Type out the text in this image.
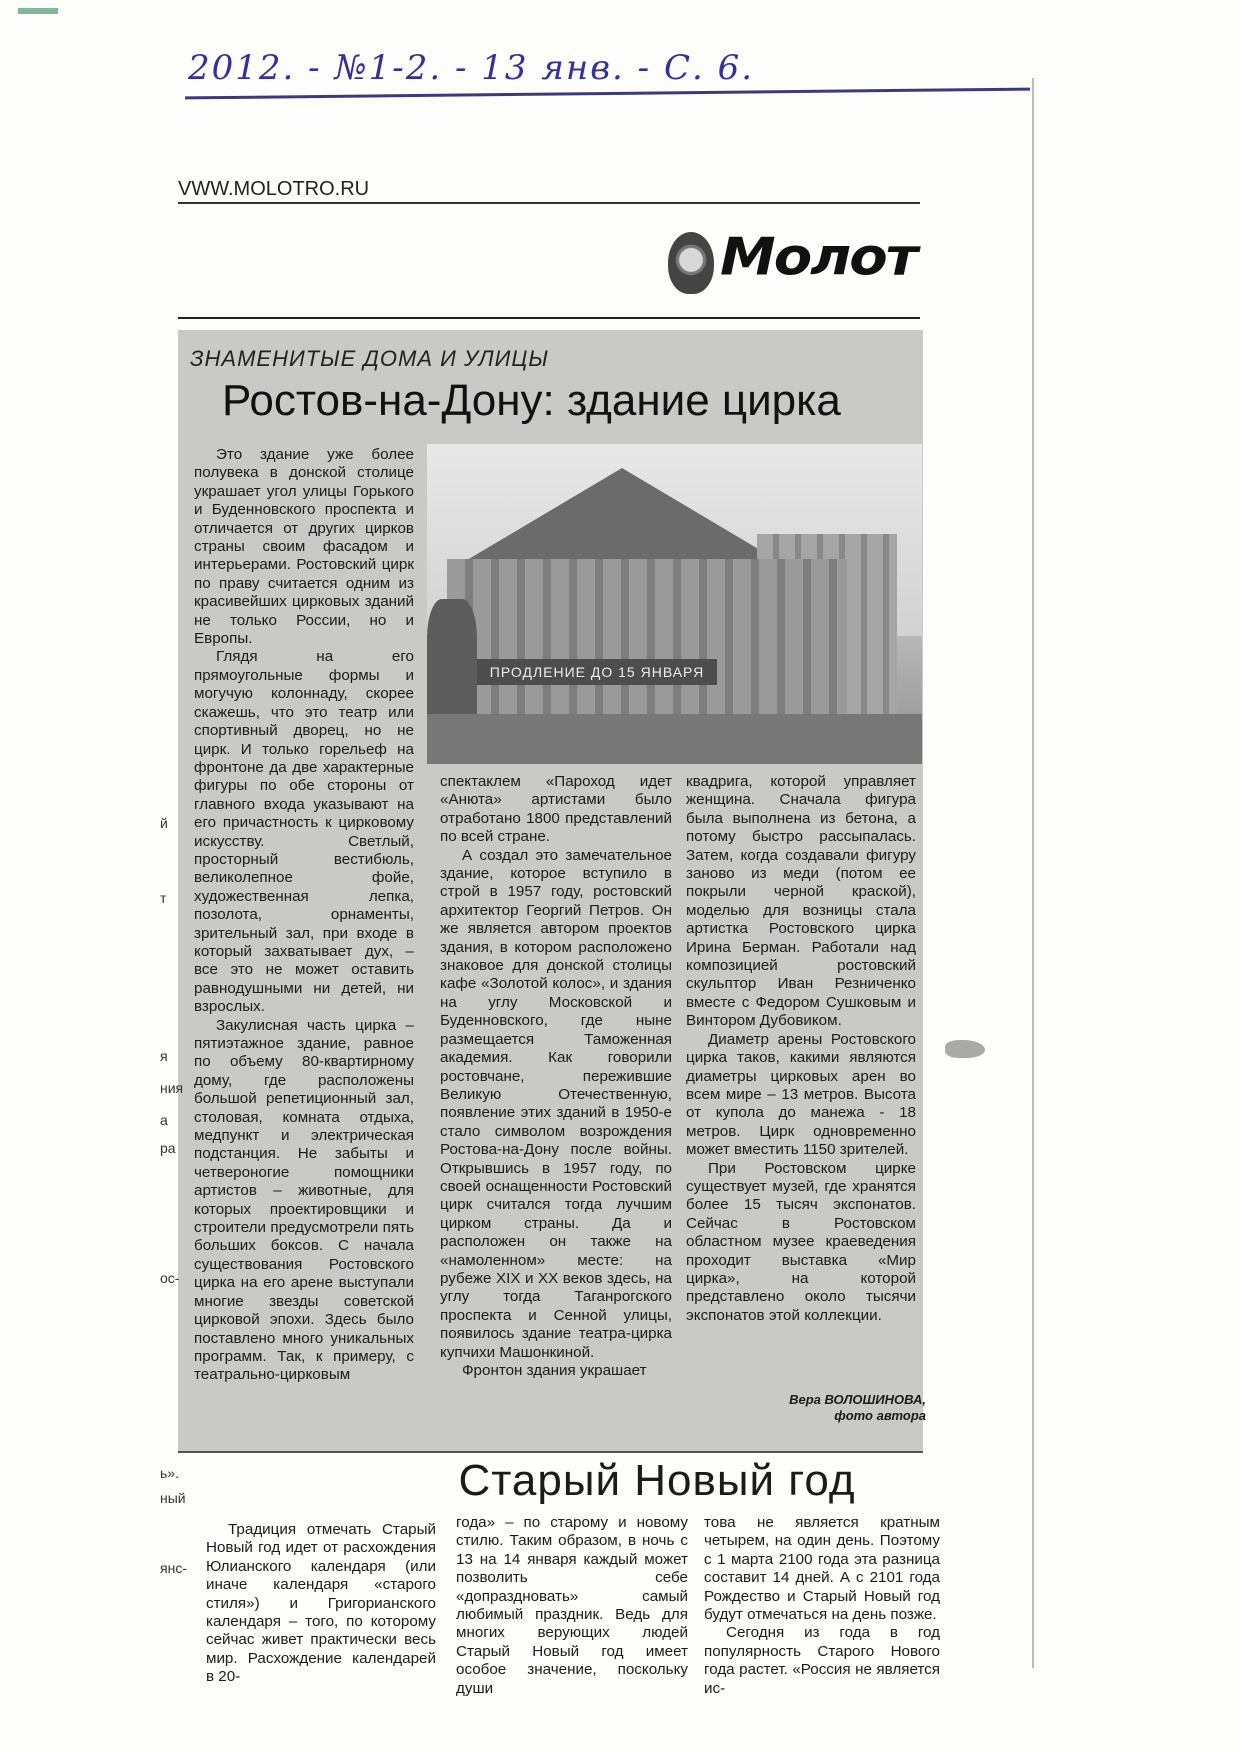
2012. - №1-2. - 13 янв. - С. 6.
VWW.MOLOTRO.RU
Молот
ЗНАМЕНИТЫЕ ДОМА И УЛИЦЫ
Ростов-на-Дону: здание цирка
ПРОДЛЕНИЕ ДО 15 ЯНВАРЯ

Это здание уже более полувека в донской столице украшает угол улицы Горького и Буденновского проспекта и отличается от других цирков страны своим фасадом и интерьерами. Ростовский цирк по праву считается одним из красивейших цирковых зданий не только России, но и Европы.

Глядя на его прямоугольные формы и могучую колоннаду, скорее скажешь, что это театр или спортивный дворец, но не цирк. И только горельеф на фронтоне да две характерные фигуры по обе стороны от главного входа указывают на его причастность к цирковому искусству. Светлый, просторный вестибюль, великолепное фойе, художественная лепка, позолота, орнаменты, зрительный зал, при входе в который захватывает дух, – все это не может оставить равнодушными ни детей, ни взрослых.

Закулисная часть цирка – пятиэтажное здание, равное по объему 80-квартирному дому, где расположены большой репетиционный зал, столовая, комната отдыха, медпункт и электрическая подстанция. Не забыты и четвероногие помощники артистов – животные, для которых проектировщики и строители предусмотрели пять больших боксов. С начала существования Ростовского цирка на его арене выступали многие звезды советской цирковой эпохи. Здесь было поставлено много уникальных программ. Так, к примеру, с театрально-цирковым

спектаклем «Пароход идет «Анюта» артистами было отработано 1800 представлений по всей стране.

А создал это замечательное здание, которое вступило в строй в 1957 году, ростовский архитектор Георгий Петров. Он же является автором проектов здания, в котором расположено знаковое для донской столицы кафе «Золотой колос», и здания на углу Московской и Буденновского, где ныне размещается Таможенная академия. Как говорили ростовчане, пережившие Великую Отечественную, появление этих зданий в 1950-е стало символом возрождения Ростова-на-Дону после войны. Открывшись в 1957 году, по своей оснащенности Ростовский цирк считался тогда лучшим цирком страны. Да и расположен он также на «намоленном» месте: на рубеже XIX и XX веков здесь, на углу тогда Таганрогского проспекта и Сенной улицы, появилось здание театра-цирка купчихи Машонкиной.

Фронтон здания украшает

квадрига, которой управляет женщина. Сначала фигура была выполнена из бетона, а потому быстро рассыпалась. Затем, когда создавали фигуру заново из меди (потом ее покрыли черной краской), моделью для возницы стала артистка Ростовского цирка Ирина Берман. Работали над композицией ростовский скульптор Иван Резниченко вместе с Федором Сушковым и Винтором Дубовиком.

Диаметр арены Ростовского цирка таков, какими являются диаметры цирковых арен во всем мире – 13 метров. Высота от купола до манежа - 18 метров. Цирк одновременно может вместить 1150 зрителей.

При Ростовском цирке существует музей, где хранятся более 15 тысяч экспонатов. Сейчас в Ростовском областном музее краеведения проходит выставка «Мир цирка», на которой представлено около тысячи экспонатов этой коллекции.

Вера ВОЛОШИНОВА,
фото автора
й
я
т
ния
а
ра
ос-
ь».
ный
янс-
Старый Новый год

Традиция отмечать Старый Новый год идет от расхождения Юлианского календаря (или иначе календаря «старого стиля») и Григорианского календаря – того, по которому сейчас живет практически весь мир. Расхождение календарей в 20-

года» – по старому и новому стилю. Таким образом, в ночь с 13 на 14 января каждый может позволить себе «допраздновать» самый любимый праздник. Ведь для многих верующих людей Старый Новый год имеет особое значение, поскольку души

това не является кратным четырем, на один день. Поэтому с 1 марта 2100 года эта разница составит 14 дней. А с 2101 года Рождество и Старый Новый год будут отмечаться на день позже.

Сегодня из года в год популярность Старого Нового года растет. «Россия не является ис-
